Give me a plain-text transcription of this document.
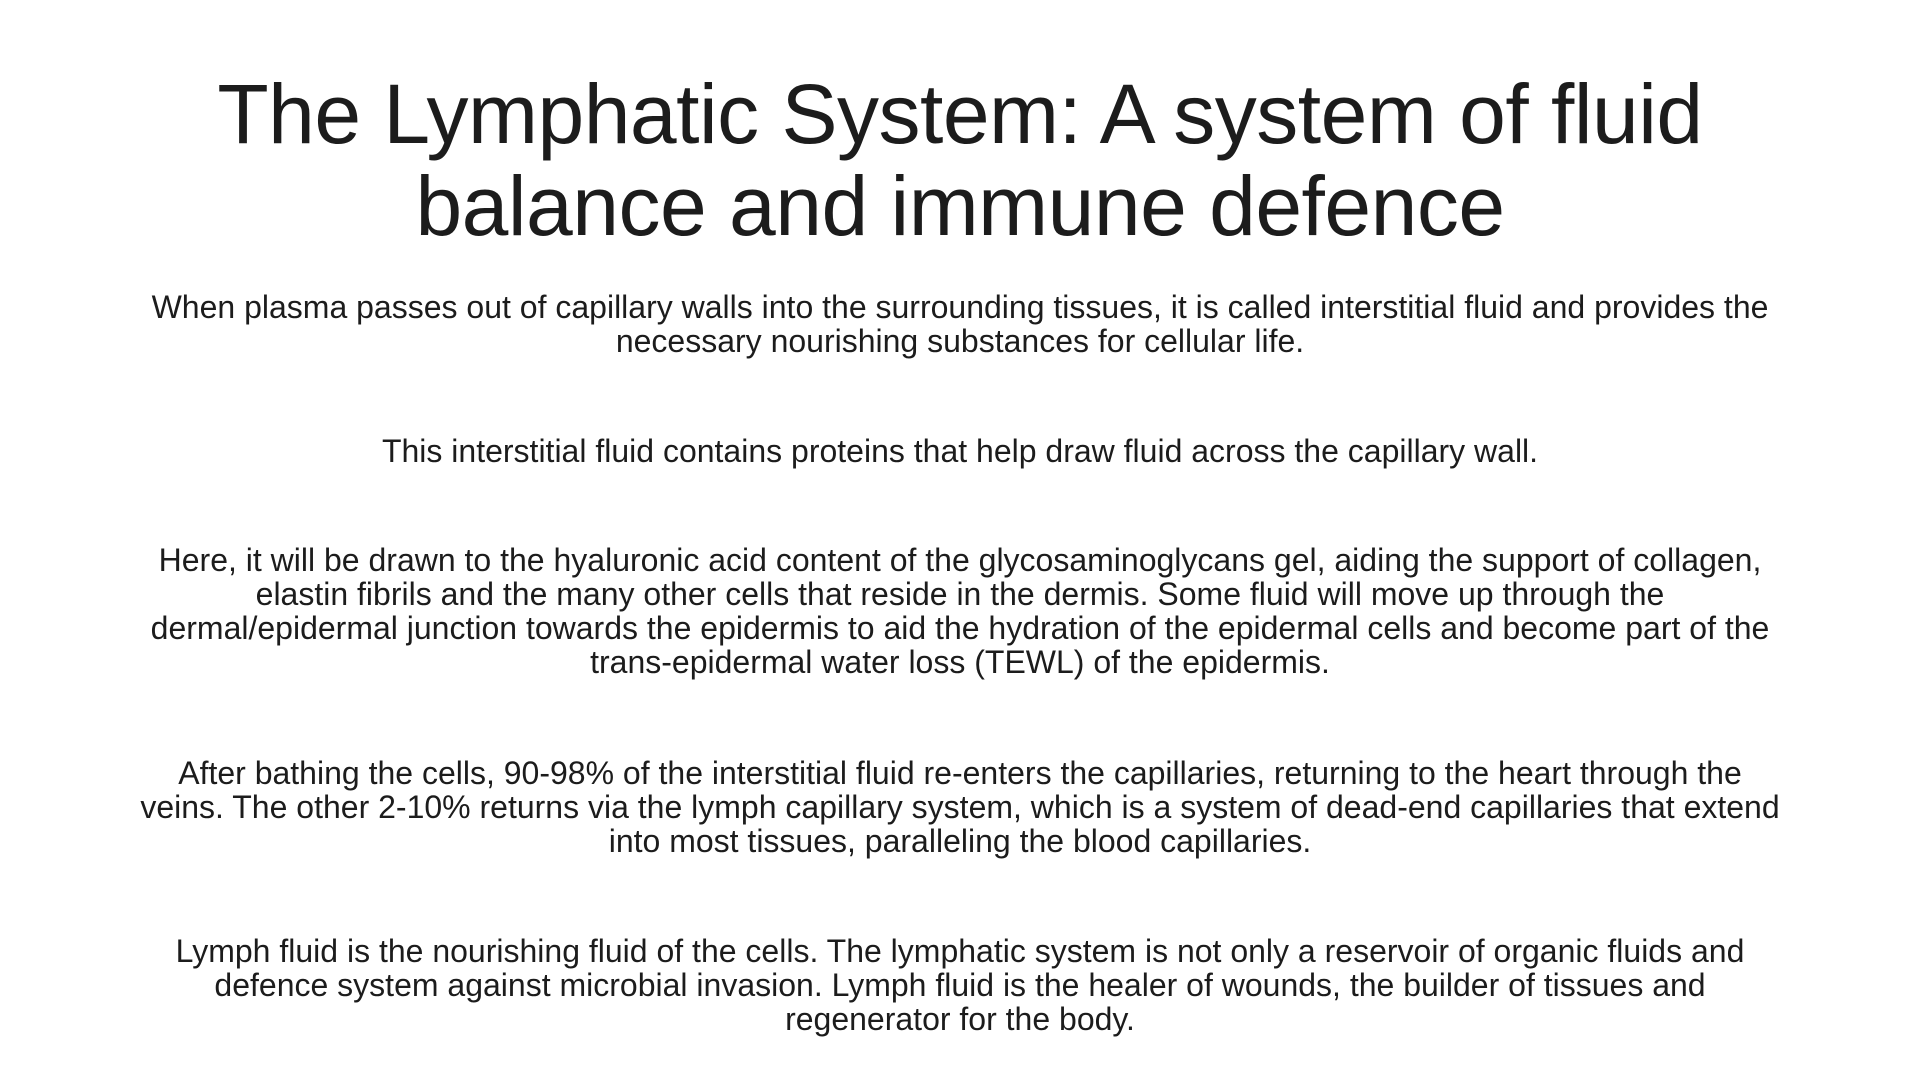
The Lymphatic System: A system of fluid balance and immune defence

When plasma passes out of capillary walls into the surrounding tissues, it is called interstitial fluid and provides the necessary nourishing substances for cellular life.

This interstitial fluid contains proteins that help draw fluid across the capillary wall.

Here, it will be drawn to the hyaluronic acid content of the glycosaminoglycans gel, aiding the support of collagen, elastin fibrils and the many other cells that reside in the dermis. Some fluid will move up through the dermal/epidermal junction towards the epidermis to aid the hydration of the epidermal cells and become part of the trans-epidermal water loss (TEWL) of the epidermis.

After bathing the cells, 90-98% of the interstitial fluid re-enters the capillaries, returning to the heart through the veins. The other 2-10% returns via the lymph capillary system, which is a system of dead-end capillaries that extend into most tissues, paralleling the blood capillaries.

Lymph fluid is the nourishing fluid of the cells. The lymphatic system is not only a reservoir of organic fluids and defence system against microbial invasion. Lymph fluid is the healer of wounds, the builder of tissues and regenerator for the body.
